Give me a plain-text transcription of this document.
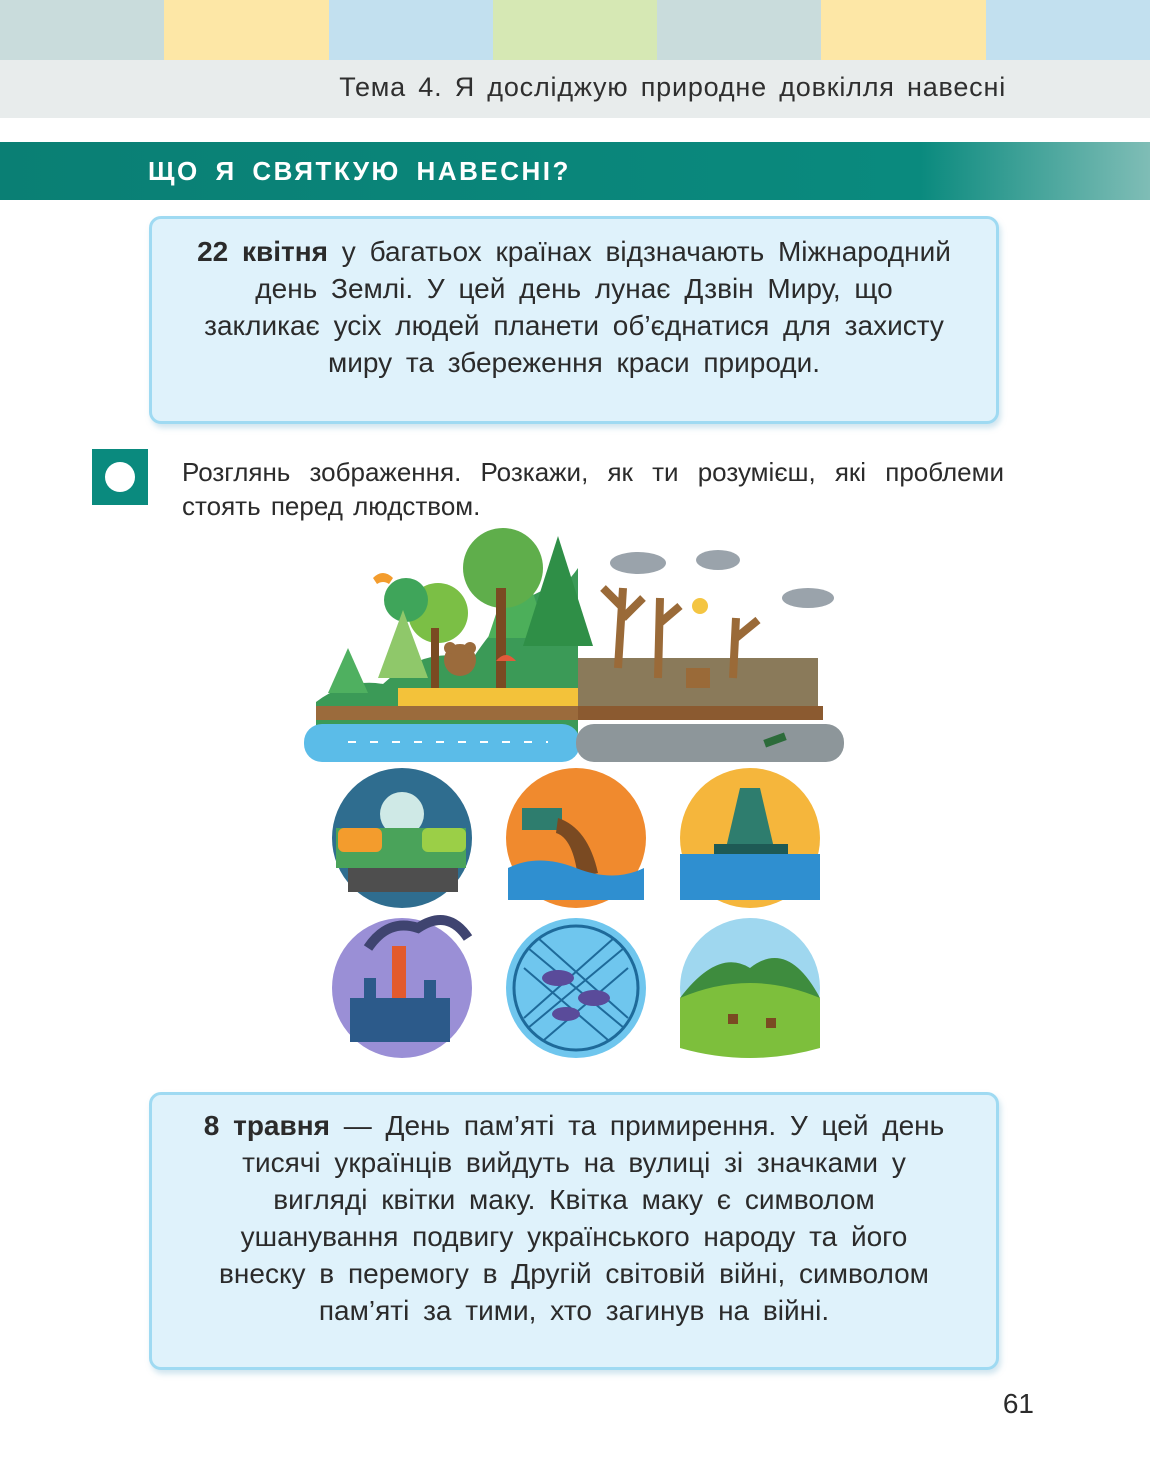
Тема 4. Я досліджую природне довкілля навесні
ЩО Я СВЯТКУЮ НАВЕСНІ?
22 квітня у багатьох країнах відзначають Міжнародний день Землі. У цей день лунає Дзвін Миру, що закликає усіх людей планети об’єднатися для захисту миру та збереження краси природи.
Розглянь зображення. Розкажи, як ти розумієш, які проблеми стоять перед людством.
8 травня — День пам’яті та примирення. У цей день тисячі українців вийдуть на вулиці зі значками у вигляді квітки маку. Квітка маку є символом ушанування подвигу українського народу та його внеску в перемогу в Другій світовій війні, символом пам’яті за тими, хто загинув на війні.
61
